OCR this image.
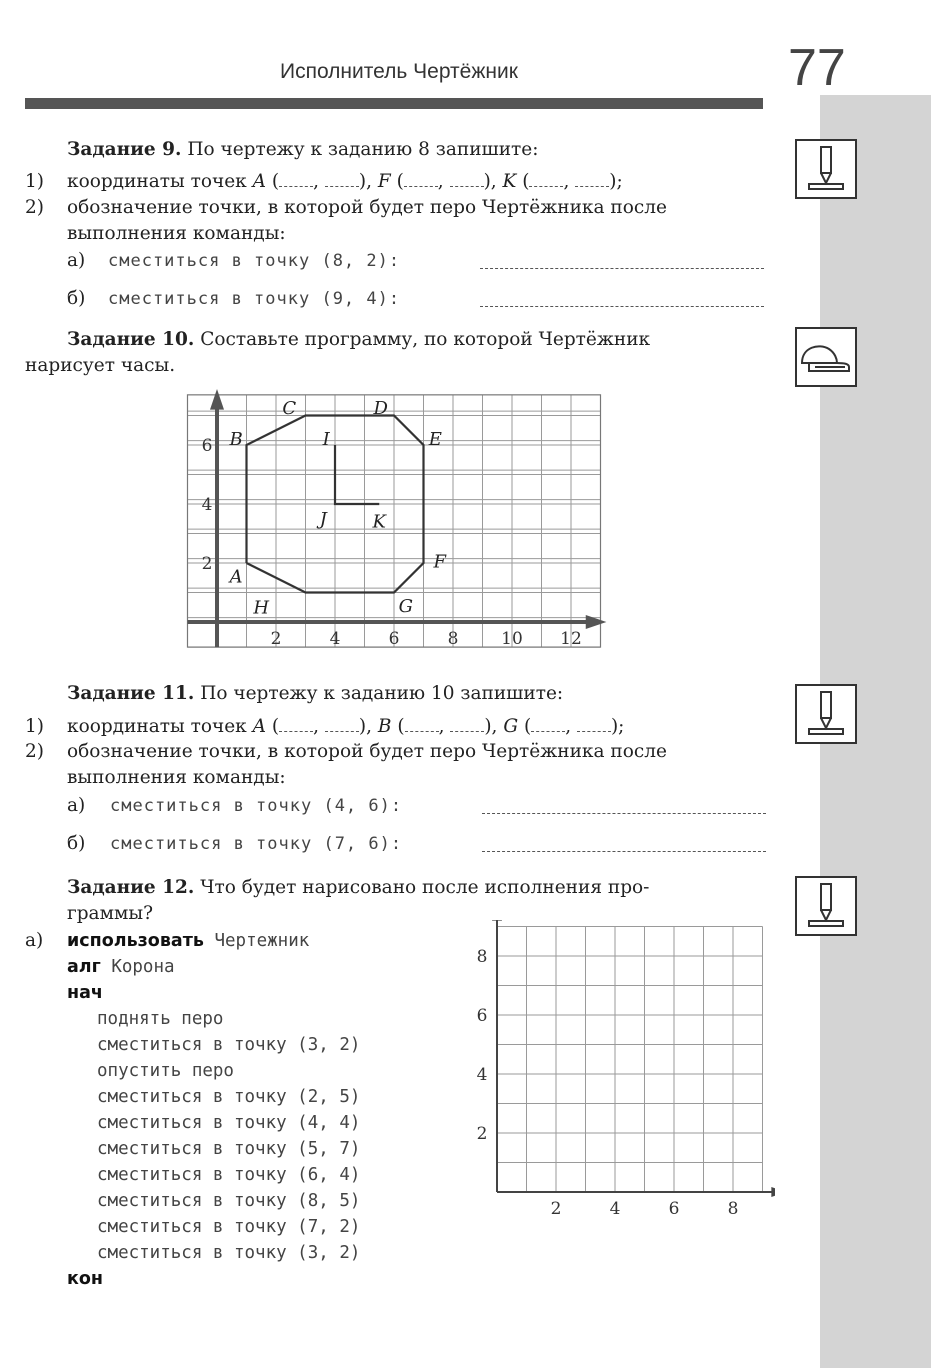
Исполнитель Чертёжник	77
Задание 9. По чертежу к заданию 8 запишите:
1) координаты точек A ( , ), F ( , ), K ( , );
2) обозначение точки, в которой будет перо Чертёжника после
выполнения команды:
а) сместиться в точку (8, 2):
б) сместиться в точку (9, 4):
Задание 10. Составьте программу, по которой Чертёжник
нарисует часы.
2	4	6	8	10 12
2
4
6
A
B
C	D
E
F
G
H
I
J	K
Задание 11. По чертежу к заданию 10 запишите:
1) координаты точек A ( , ), B ( , ), G ( , );
2) обозначение точки, в которой будет перо Чертёжника после
выполнения команды:
а) сместиться в точку (4, 6):
б) сместиться в точку (7, 6):
Задание 12. Что будет нарисовано после исполнения про-
граммы?
а) использовать Чертежник
алг Корона
нач
поднять перо
сместиться в точку (3, 2)
опустить перо
сместиться в точку (2, 5)
сместиться в точку (4, 4)
сместиться в точку (5, 7)
сместиться в точку (6, 4)
сместиться в точку (8, 5)
сместиться в точку (7, 2)
сместиться в точку (3, 2)
кон
2	4	6	8
2
4
6
8
